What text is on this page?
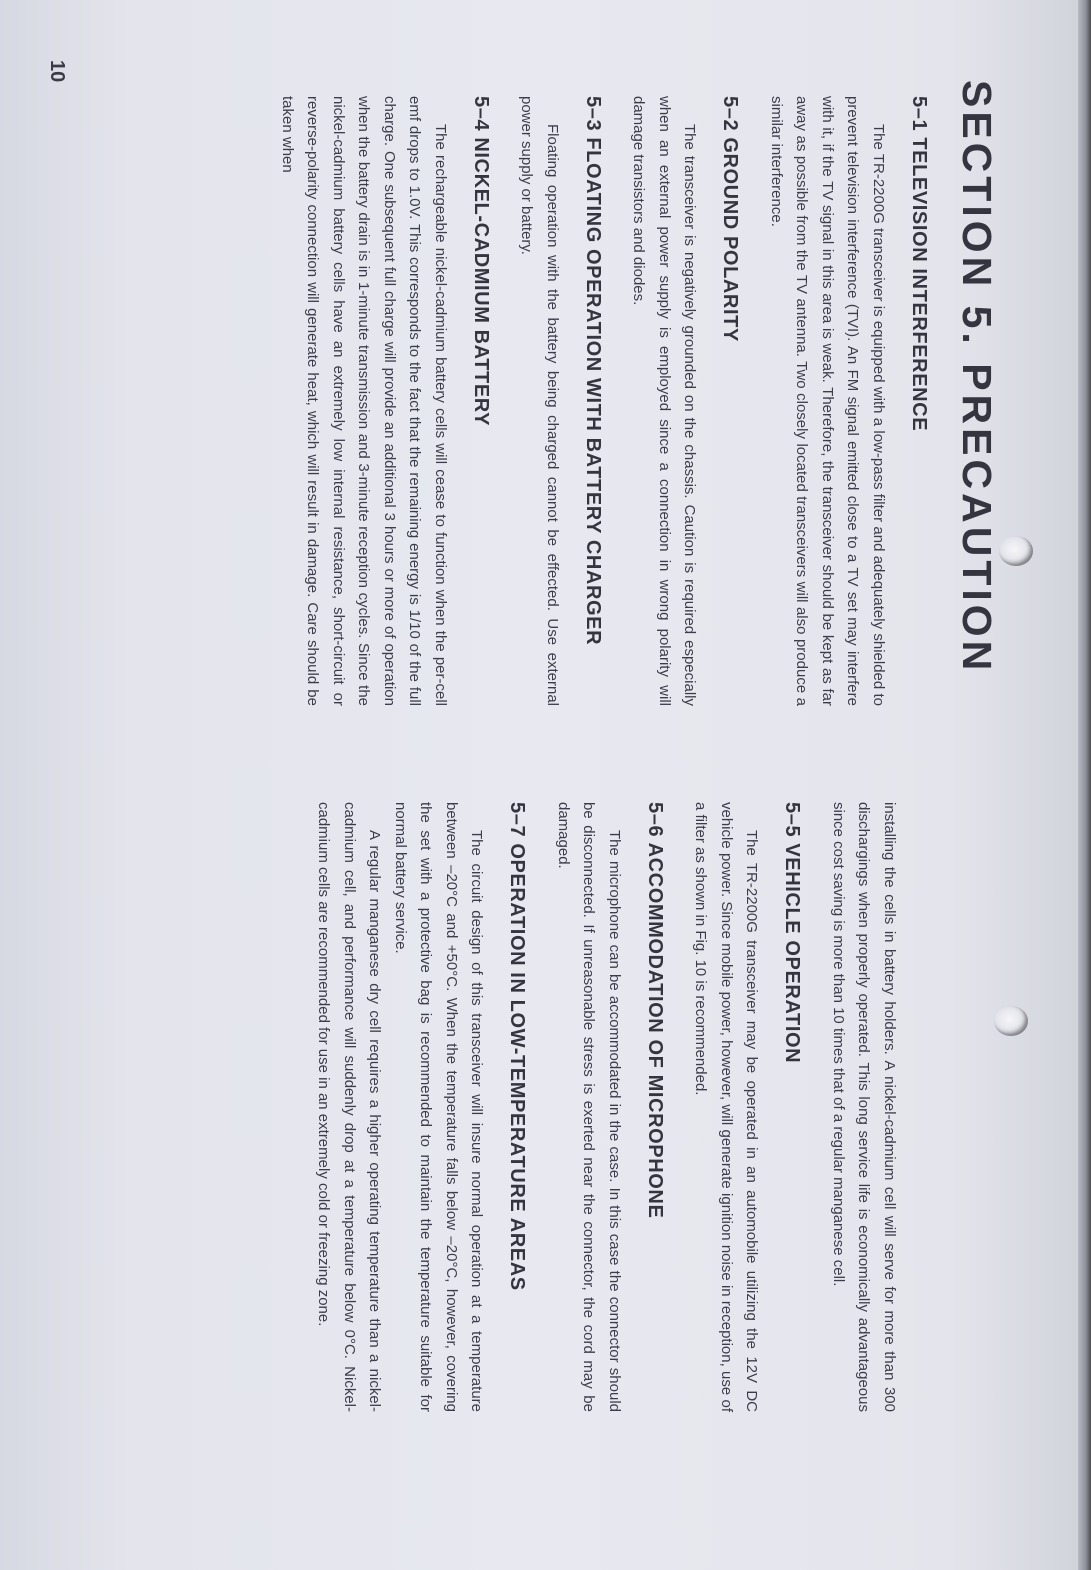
SECTION 5. PRECAUTION
5–1 TELEVISION INTERFERENCE

The TR-2200G transceiver is equipped with a low-pass filter and adequately shielded to prevent television interference (TVI). An FM signal emitted close to a TV set may interfere with it, if the TV signal in this area is weak. Therefore, the transceiver should be kept as far away as possible from the TV antenna. Two closely located transceivers will also produce a similar interference.

5–2 GROUND POLARITY

The transceiver is negatively grounded on the chassis. Caution is required especially when an external power supply is employed since a connection in wrong polarity will damage transistors and diodes.

5–3 FLOATING OPERATION WITH BATTERY CHARGER

Floating operation with the battery being charged cannot be effected. Use external power supply or battery.

5–4 NICKEL-CADMIUM BATTERY

The rechargeable nickel-cadmium battery cells will cease to function when the per-cell emf drops to 1.0V. This corresponds to the fact that the remaining energy is 1/10 of the full charge. One subsequent full charge will provide an additional 3 hours or more of operation when the battery drain is in 1-minute transmission and 3-minute reception cycles. Since the nickel-cadmium battery cells have an extremely low internal resistance, short-circuit or reverse-polarity connection will generate heat, which will result in damage. Care should be taken when

installing the cells in battery holders. A nickel-cadmium cell will serve for more than 300 dischargings when properly operated. This long service life is economically advantageous since cost saving is more than 10 times that of a regular manganese cell.

5–5 VEHICLE OPERATION

The TR-2200G transceiver may be operated in an automobile utilizing the 12V DC vehicle power. Since mobile power, however, will generate ignition noise in reception, use of a filter as shown in Fig. 10 is recommended.

5–6 ACCOMMODATION OF MICROPHONE

The microphone can be accommodated in the case. In this case the connector should be disconnected. If unreasonable stress is exerted near the connector, the cord may be damaged.

5–7 OPERATION IN LOW-TEMPERATURE AREAS

The circuit design of this transceiver will insure normal operation at a temperature between –20°C and +50°C. When the temperature falls below –20°C, however, covering the set with a protective bag is recommended to maintain the temperature suitable for normal battery service.

A regular manganese dry cell requires a higher operating temperature than a nickel-cadmium cell, and performance will suddenly drop at a temperature below 0°C. Nickel-cadmium cells are recommended for use in an extremely cold or freezing zone.

10
